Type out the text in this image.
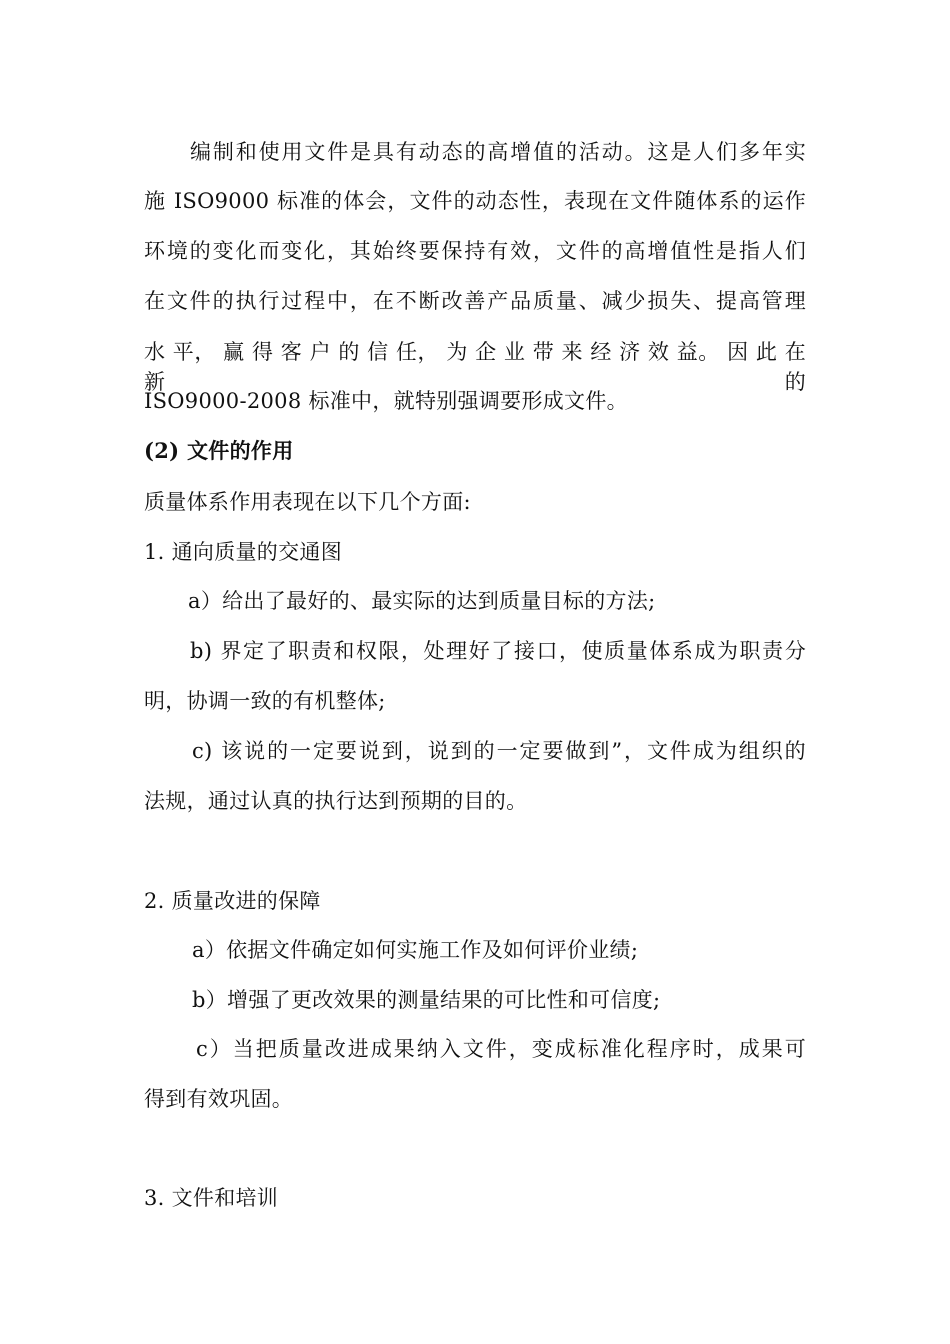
编制和使用文件是具有动态的高增值的活动。这是人们多年实
施 ISO9000 标准的体会，文件的动态性，表现在文件随体系的运作
环境的变化而变化，其始终要保持有效，文件的高增值性是指人们
在文件的执行过程中，在不断改善产品质量、减少损失、提高管理
水 平， 赢 得 客 户 的 信 任， 为 企 业 带 来 经 济 效 益。 因 此 在 新 的
ISO9000-2008 标准中，就特别强调要形成文件。
(2) 文件的作用
质量体系作用表现在以下几个方面:
1. 通向质量的交通图
a）给出了最好的、最实际的达到质量目标的方法;
b) 界定了职责和权限，处理好了接口，使质量体系成为职责分
明，协调一致的有机整体;
c) 该说的一定要说到，说到的一定要做到”，文件成为组织的
法规，通过认真的执行达到预期的目的。
2. 质量改进的保障
a）依据文件确定如何实施工作及如何评价业绩;
b）增强了更改效果的测量结果的可比性和可信度;
c）当把质量改进成果纳入文件，变成标准化程序时，成果可
得到有效巩固。
3. 文件和培训
